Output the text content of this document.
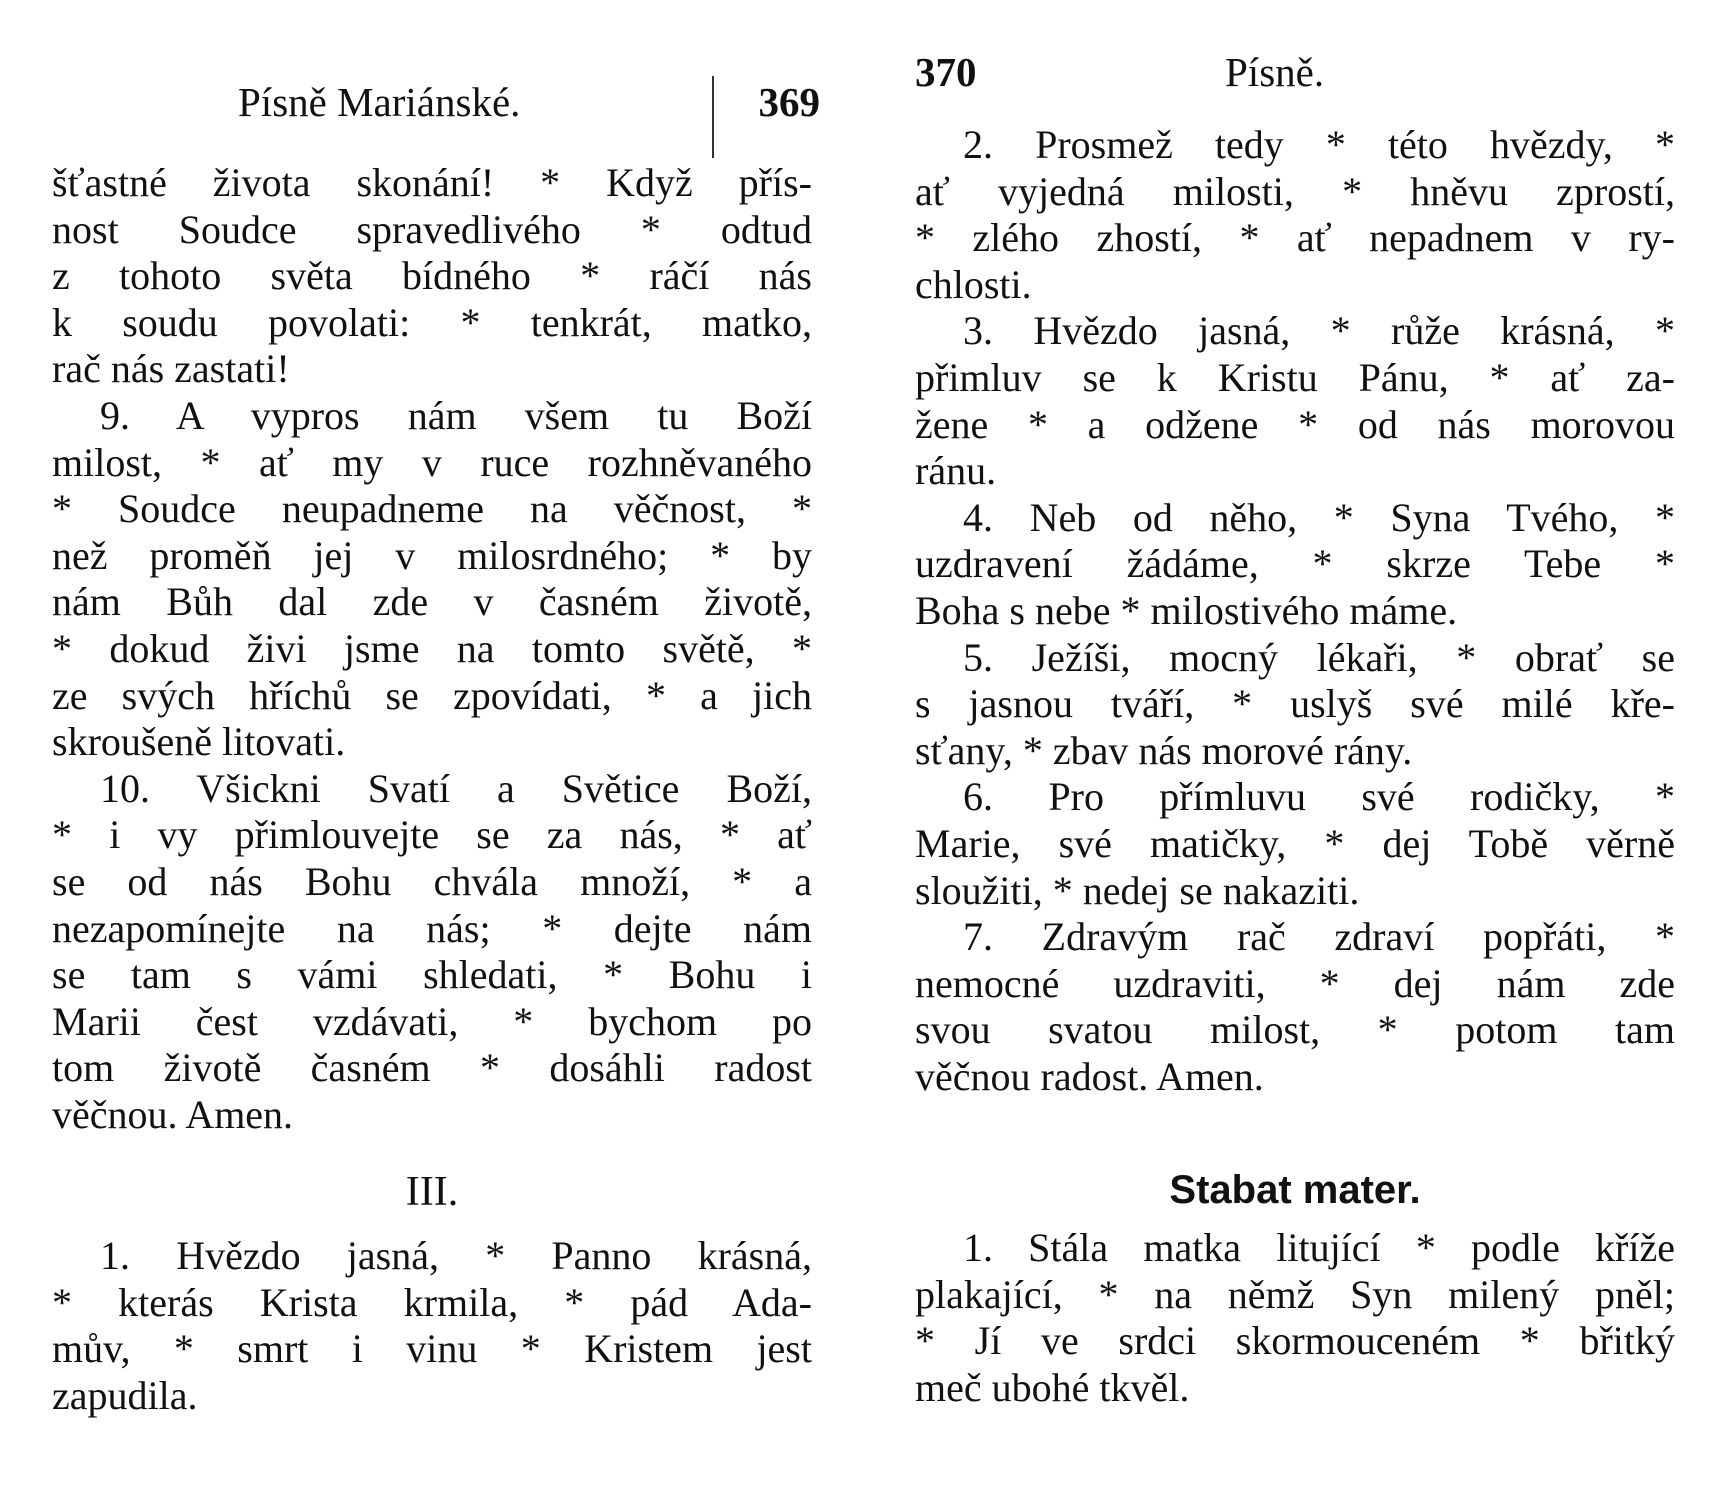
Písně Mariánské.	369
šťastné života skonání! * Když přís-
nost Soudce spravedlivého * odtud
z tohoto světa bídného * ráčí nás
k soudu povolati: * tenkrát, matko,
rač nás zastati!
9. A vypros nám všem tu Boží
milost, * ať my v ruce rozhněvaného
* Soudce neupadneme na věčnost, *
než proměň jej v milosrdného; * by
nám Bůh dal zde v časném životě,
* dokud živi jsme na tomto světě, *
ze svých hříchů se zpovídati, * a jich
skroušeně litovati.
10. Všickni Svatí a Světice Boží,
* i vy přimlouvejte se za nás, * ať
se od nás Bohu chvála množí, * a
nezapomínejte na nás; * dejte nám
se tam s vámi shledati, * Bohu i
Marii čest vzdávati, * bychom po
tom životě časném * dosáhli radost
věčnou. Amen.
III.
1. Hvězdo jasná, * Panno krásná,
* kterás Krista krmila, * pád Ada-
mův, * smrt i vinu * Kristem jest
zapudila.
370	Písně.
2. Prosmež tedy * této hvězdy, *
ať vyjedná milosti, * hněvu zprostí,
* zlého zhostí, * ať nepadnem v ry-
chlosti.
3. Hvězdo jasná, * růže krásná, *
přimluv se k Kristu Pánu, * ať za-
žene * a odžene * od nás morovou
ránu.
4. Neb od něho, * Syna Tvého, *
uzdravení žádáme, * skrze Tebe *
Boha s nebe * milostivého máme.
5. Ježíši, mocný lékaři, * obrať se
s jasnou tváří, * uslyš své milé kře-
sťany, * zbav nás morové rány.
6. Pro přímluvu své rodičky, *
Marie, své matičky, * dej Tobě věrně
sloužiti, * nedej se nakaziti.
7. Zdravým rač zdraví popřáti, *
nemocné uzdraviti, * dej nám zde
svou svatou milost, * potom tam
věčnou radost. Amen.
Stabat mater.
1. Stála matka litující * podle kříže
plakající, * na němž Syn milený pněl;
* Jí ve srdci skormouceném * břitký
meč ubohé tkvěl.
